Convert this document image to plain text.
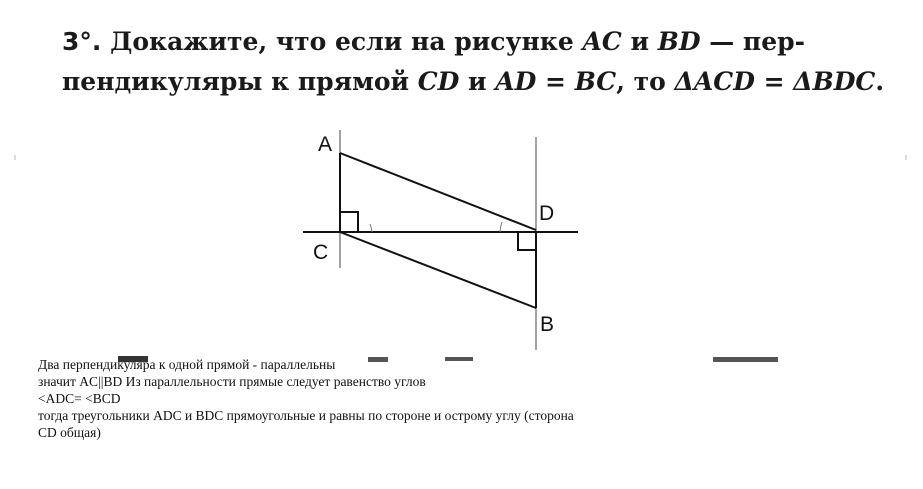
3°. Докажите, что если на рисунке AC и BD — пер-
пендикуляры к прямой CD и AD = BC, то ΔACD = ΔBDC.
A
D
C
B
Два перпендикуляра к одной прямой - параллельны
значит AC||BD Из параллельности прямые следует равенство углов
<ADC= <BCD
тогда треугольники ADC и BDC прямоугольные и равны по стороне и острому углу (сторона
CD общая)
